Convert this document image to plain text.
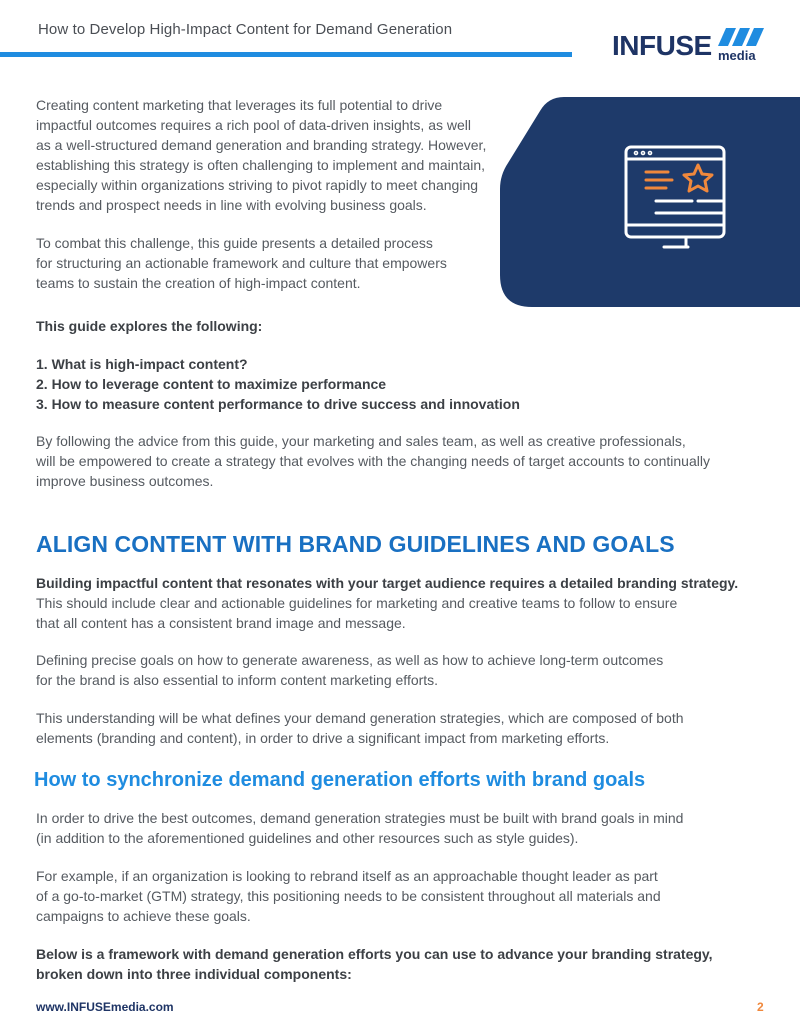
How to Develop High-Impact Content for Demand Generation
INFUSE media

Creating content marketing that leverages its full potential to drive
impactful outcomes requires a rich pool of data-driven insights, as well
as a well-structured demand generation and branding strategy. However,
establishing this strategy is often challenging to implement and maintain,
especially within organizations striving to pivot rapidly to meet changing
trends and prospect needs in line with evolving business goals.

To combat this challenge, this guide presents a detailed process
for structuring an actionable framework and culture that empowers
teams to sustain the creation of high-impact content.

This guide explores the following:
1. What is high-impact content?
2. How to leverage content to maximize performance
3. How to measure content performance to drive success and innovation

By following the advice from this guide, your marketing and sales team, as well as creative professionals,
will be empowered to create a strategy that evolves with the changing needs of target accounts to continually
improve business outcomes.

ALIGN CONTENT WITH BRAND GUIDELINES AND GOALS
Building impactful content that resonates with your target audience requires a detailed branding strategy.

This should include clear and actionable guidelines for marketing and creative teams to follow to ensure
that all content has a consistent brand image and message.

Defining precise goals on how to generate awareness, as well as how to achieve long-term outcomes
for the brand is also essential to inform content marketing efforts.

This understanding will be what defines your demand generation strategies, which are composed of both
elements (branding and content), in order to drive a significant impact from marketing efforts.

How to synchronize demand generation efforts with brand goals

In order to drive the best outcomes, demand generation strategies must be built with brand goals in mind
(in addition to the aforementioned guidelines and other resources such as style guides).

For example, if an organization is looking to rebrand itself as an approachable thought leader as part
of a go-to-market (GTM) strategy, this positioning needs to be consistent throughout all materials and
campaigns to achieve these goals.

Below is a framework with demand generation efforts you can use to advance your branding strategy,
broken down into three individual components:

www.INFUSEmedia.com	2
